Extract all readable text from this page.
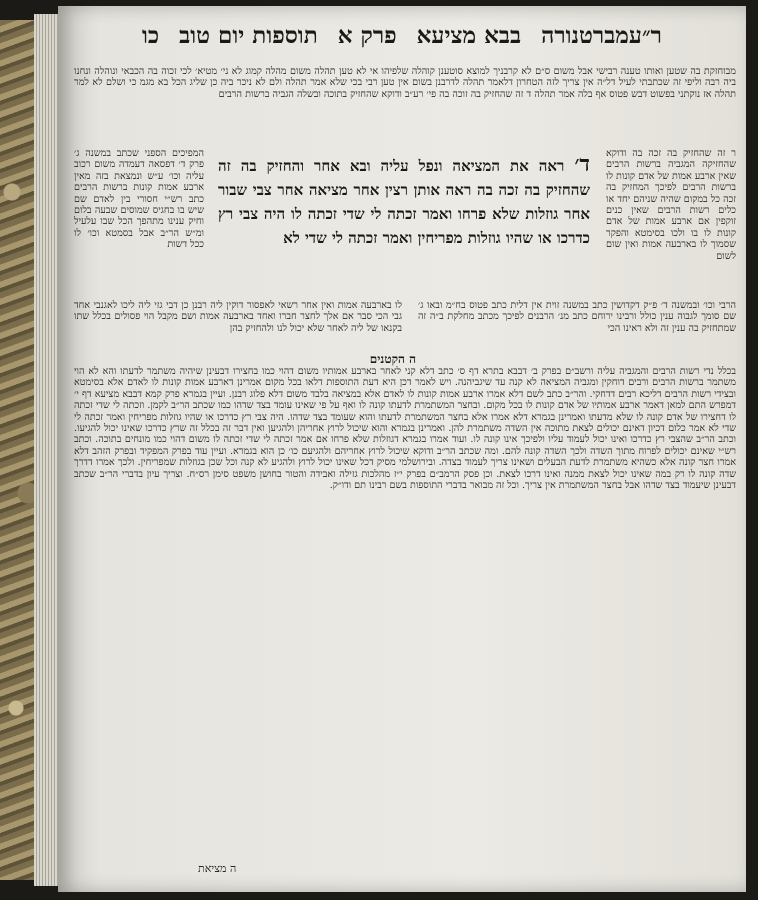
ר״עמברטנורה בבא מציעא פרק א תוספות יום טוב כו
מבוחזקת בה שטען ואותו טענה רבישי אבל משום ס״ם לא קרבניך למוצא סוטענן קוהלה שלפיהו אי לא טען תהלה משום מהלה קמוג לא ני׳ מטיא׳ לכי זכוה בה הכבאי ונוהלה ונחנו ביה רבה וליפי זה שכתבתי לעיל דל״ה אין צריך לזה הטחרון דלאמר תהלה לדרבנן בשום אין טען רבי בכי שלא אמר תהלה ולם לא ניכר ביה כן שליג הכל בא מגמ כי ושלם לא למר תהלה אז נוקתני בפשוט דבש פטוס אף בלה אמר תהלה ד זה שהחזיק בה זוכה בה פי׳ רע״ב ודוקא שהחזיק בתוכה ובשלה הגביה ברשות הרבים
ר זה שהחזיק בה זכה בה ודוקא שהחזיקה המגביה ברשות הרבים שאין ארבע אמות של אדם קונות לו ברשות הרבים לפיכך המחזיק בה זכה כל במקום שהיה שניהם יחד או כלים רשות הרבים שאין כנים זוקפין אם ארבע אמות של אדם קונות לו בו ולכו בסימטא והפקר שסמוך לו בארבעה אמות ואין שום לשום
ד׳ ראה את המציאה ונפל עליה ובא אחר והחזיק בה זה שהחזיק בה זכה בה ראה אותן רצין אחר מציאה אחר צבי שבור אחר גוזלות שלא פרחו ואמר זכתה לי שדי זכתה לו היה צבי רץ כדרכו או שהיו גוזלות מפריחין ואמר זכתה לי שדי לא
המפיכים הספני שכתב במשנה ג׳ פרק ד׳ דפסאה דעמדה משום רכוב עליה וכו׳ ע״ש ונמצאת בזה מאין ארבע אמות קונות ברשות הרבים כתב רש״י חסורי בין לאדם שם שיש בו בחגיס שמוסים שבעה בלום וחיק ענינו מתהפך הכל שבו עלעיל ומ״ש הר״ב אבל בסמטא וכו׳ לו ככל דשות
הרבי וכו׳ ובמשנה ד׳ פ״ק דקדושין כתב במשנה זוית אין דלית כתב פטוס בח״מ ובאו ג׳ שם סומך לגבוה ענין כולל ורבינו ירוחם כתב מנ׳ הרבנים לפיכך מכתב מחלקת ב״ה זה שמתחזיק בה ענין זה ולא ראינו הכי
לו בארבעה אמות ואין אחר רשאי לאפסור דוקין ליה רבנן כן דבי גזי ליה ליכו לאגנבי אחד גבי הכי סבר אם אלך לחצר חברו ואחד בארבעה אמות ושם מקבל הוי פסולים בכלל שתו בקנאו של ליה לאחר שלא יכול לנו ולהחזיק בהן
ה הקטנים
בכלל נדי רשות הרבים והמגביה עליה ורשב״ם בפרק ב׳ דבבא בתרא דף ס׳ כתב דלא קני לאחר בארבע אמותיו משום דהוי כמו בחצירו דבעינן שיהיה משתמר לדעתו והא לא הוי משתמר ברשות הרבים ורבים דוחקין ומגביה המציאה לא קנה עד שיגביהנה. ויש לאמר דכן היא דעת התוספות דלאו בכל מקום אמרינן דארבע אמות קונות לו לאדם אלא בסימטא ובצידי רשות הרבים דליכא רבים דדחקי. והר״ב כתב לשם דלא אמרו ארבע אמות קונות לו לאדם אלא במציאה בלבד משום דלא פלוג רבנן. ועיין בגמרא פרק קמא דבבא מציעא דף י׳ דמפרש התם למאן דאמר ארבע אמותיו של אדם קונות לו בכל מקום. ובחצר המשתמרת לדעתו קונה לו ואף על פי שאינו עומד בצד שדהו כמו שכתב הר״ב לקמן. וזכתה לי שדי זכתה לו דחצירו של אדם קונה לו שלא מדעתו ואמרינן בגמרא דלא אמרו אלא בחצר המשתמרת לדעתו והוא שעומד בצד שדהו. היה צבי רץ כדרכו או שהיו גוזלות מפריחין ואמר זכתה לי שדי לא אמר כלום דכיון דאינם יכולים לצאת מתוכה אין השדה משתמרת להן. ואמרינן בגמרא והוא שיכול לרוץ אחריהן ולהגיען ואין דבר זה בכלל זה שרץ כדרכו שאינו יכול להגיעו. וכתב הר״ב שהצבי רץ כדרכו ואינו יכול לעמוד עליו ולפיכך אינו קונה לו. ועוד אמרו בגמרא דגוזלות שלא פרחו אם אמר זכתה לי שדי זכתה לו משום דהוי כמו מונחים בתוכה. וכתב רש״י שאינם יכולים לפרוח מתוך השדה ולכך השדה קונה להם. ומה שכתב הר״ב ודוקא שיכול לרוץ אחריהם ולהגיעם כו׳ כן הוא בגמרא. ועיין עוד בפרק המפקיד ובפרק הזהב דלא אמרו חצר קונה אלא כשהיא משתמרת לדעת הבעלים ושאינו צריך לעמוד בצדה. ובירושלמי מסיק דכל שאינו יכול לרוץ ולהגיע לא קנה וכל שכן בגוזלות שמפריחין. ולכך אמרו דדרך שדה קונה לו רק במה שאינו יכול לצאת ממנה ואינו דרכו לצאת. וכן פסק הרמב״ם בפרק י״ז מהלכות גזילה ואבידה והטור בחושן משפט סימן רס״ח. וצריך עיון בדברי הר״ב שכתב דבעינן שיעמוד בצד שדהו אבל בחצר המשתמרת אין צריך. וכל זה מבואר בדברי התוספות בשם רבינו תם ודו״ק.
ה מציאת
